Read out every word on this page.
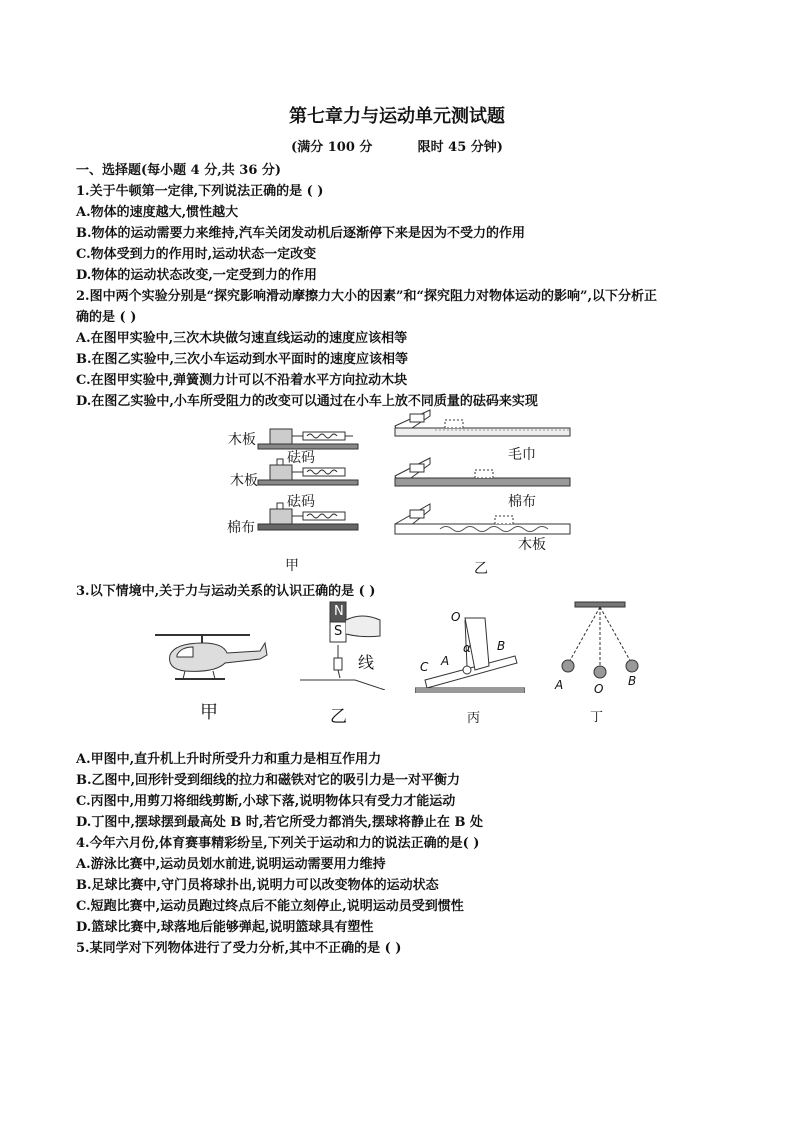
第七章力与运动单元测试题
(满分 100 分          限时 45 分钟)
一、选择题(每小题 4 分,共 36 分)
1.关于牛顿第一定律,下列说法正确的是 ( )
A.物体的速度越大,惯性越大
B.物体的运动需要力来维持,汽车关闭发动机后逐渐停下来是因为不受力的作用
C.物体受到力的作用时,运动状态一定改变
D.物体的运动状态改变,一定受到力的作用
2.图中两个实验分别是“探究影响滑动摩擦力大小的因素”和“探究阻力对物体运动的影响”,以下分析正
确的是 ( )
A.在图甲实验中,三次木块做匀速直线运动的速度应该相等
B.在图乙实验中,三次小车运动到水平面时的速度应该相等
C.在图甲实验中,弹簧测力计可以不沿着水平方向拉动木块
D.在图乙实验中,小车所受阻力的改变可以通过在小车上放不同质量的砝码来实现
木板
砝码
木板
砝码
棉布
甲
毛巾
棉布
木板
乙
3.以下情境中,关于力与运动关系的认识正确的是 ( )
甲
N
S
线
乙
O
α
A
B
C
丙
A	O
B
丁
A.甲图中,直升机上升时所受升力和重力是相互作用力
B.乙图中,回形针受到细线的拉力和磁铁对它的吸引力是一对平衡力
C.丙图中,用剪刀将细线剪断,小球下落,说明物体只有受力才能运动
D.丁图中,摆球摆到最高处 B 时,若它所受力都消失,摆球将静止在 B 处
4.今年六月份,体育赛事精彩纷呈,下列关于运动和力的说法正确的是( )
A.游泳比赛中,运动员划水前进,说明运动需要用力维持
B.足球比赛中,守门员将球扑出,说明力可以改变物体的运动状态
C.短跑比赛中,运动员跑过终点后不能立刻停止,说明运动员受到惯性
D.篮球比赛中,球落地后能够弹起,说明篮球具有塑性
5.某同学对下列物体进行了受力分析,其中不正确的是 ( )
